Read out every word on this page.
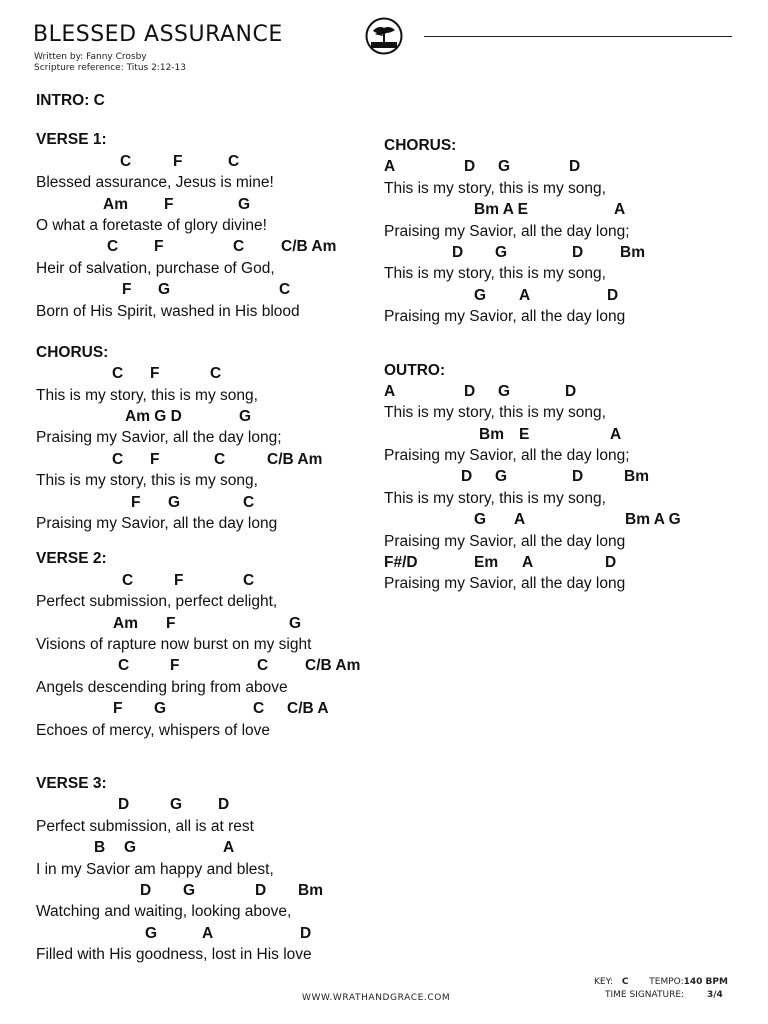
BLESSED ASSURANCE
Written by: Fanny Crosby
Scripture reference: Titus 2:12-13
INTRO: C
VERSE 1:
C	F	C
Blessed assurance, Jesus is mine!
Am F	G
O what a foretaste of glory divine!
C F	C C/B Am
Heir of salvation, purchase of God,
F G	C
Born of His Spirit, washed in His blood
CHORUS:
C F	C
This is my story, this is my song,
Am G D	G
Praising my Savior, all the day long;
C F	C	C/B Am
This is my story, this is my song,
F G	C
Praising my Savior, all the day long
VERSE 2:
C	F	C
Perfect submission, perfect delight,
Am F	G
Visions of rapture now burst on my sight
C	F	C C/B Am
Angels descending bring from above
F G	C C/B A
Echoes of mercy, whispers of love
VERSE 3:
D	G D
Perfect submission, all is at rest
B G	A
I in my Savior am happy and blest,
D G	D Bm
Watching and waiting, looking above,
G	A	D
Filled with His goodness, lost in His love
CHORUS:
A	D G	D
This is my story, this is my song,
Bm A E	A
Praising my Savior, all the day long;
D G	D Bm
This is my story, this is my song,
G A	D
Praising my Savior, all the day long
OUTRO:
A	D G	D
This is my story, this is my song,
Bm E	A
Praising my Savior, all the day long;
D G	D	Bm
This is my story, this is my song,
G A	Bm A G
Praising my Savior, all the day long
F#/D	Em A	D
Praising my Savior, all the day long
KEY: C TEMPO:140 BPM
TIME SIGNATURE:	3/4
WWW.WRATHANDGRACE.COM
